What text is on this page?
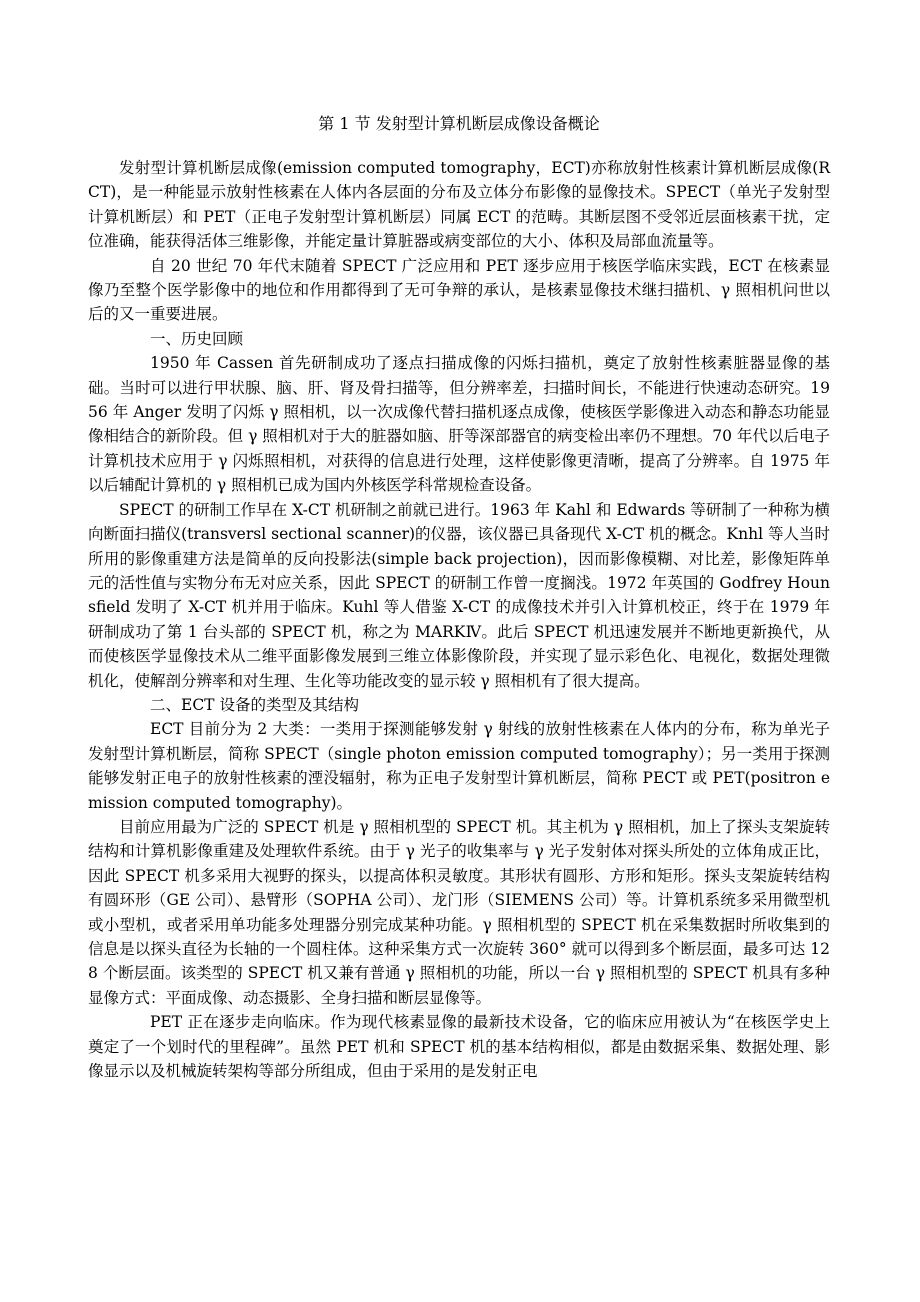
第 1 节 发射型计算机断层成像设备概论

发射型计算机断层成像(emission computed tomography，ECT)亦称放射性核素计算机断层成像(RCT)，是一种能显示放射性核素在人体内各层面的分布及立体分布影像的显像技术。SPECT（单光子发射型计算机断层）和 PET（正电子发射型计算机断层）同属 ECT 的范畴。其断层图不受邻近层面核素干扰，定位准确，能获得活体三维影像，并能定量计算脏器或病变部位的大小、体积及局部血流量等。

自 20 世纪 70 年代末随着 SPECT 广泛应用和 PET 逐步应用于核医学临床实践，ECT 在核素显像乃至整个医学影像中的地位和作用都得到了无可争辩的承认，是核素显像技术继扫描机、γ 照相机问世以后的又一重要进展。

一、历史回顾

1950 年 Cassen 首先研制成功了逐点扫描成像的闪烁扫描机，奠定了放射性核素脏器显像的基础。当时可以进行甲状腺、脑、肝、肾及骨扫描等，但分辨率差，扫描时间长，不能进行快速动态研究。1956 年 Anger 发明了闪烁 γ 照相机，以一次成像代替扫描机逐点成像，使核医学影像进入动态和静态功能显像相结合的新阶段。但 γ 照相机对于大的脏器如脑、肝等深部器官的病变检出率仍不理想。70 年代以后电子计算机技术应用于 γ 闪烁照相机，对获得的信息进行处理，这样使影像更清晰，提高了分辨率。自 1975 年以后辅配计算机的 γ 照相机已成为国内外核医学科常规检查设备。

SPECT 的研制工作早在 X-CT 机研制之前就已进行。1963 年 Kahl 和 Edwards 等研制了一种称为横向断面扫描仪(transversl sectional scanner)的仪器，该仪器已具备现代 X-CT 机的概念。Knhl 等人当时所用的影像重建方法是简单的反向投影法(simple back projection)，因而影像模糊、对比差，影像矩阵单元的活性值与实物分布无对应关系，因此 SPECT 的研制工作曾一度搁浅。1972 年英国的 Godfrey Hounsfield 发明了 X-CT 机并用于临床。Kuhl 等人借鉴 X-CT 的成像技术并引入计算机校正，终于在 1979 年研制成功了第 1 台头部的 SPECT 机，称之为 MARKⅣ。此后 SPECT 机迅速发展并不断地更新换代，从而使核医学显像技术从二维平面影像发展到三维立体影像阶段，并实现了显示彩色化、电视化，数据处理微机化，使解剖分辨率和对生理、生化等功能改变的显示较 γ 照相机有了很大提高。

二、ECT 设备的类型及其结构

ECT 目前分为 2 大类：一类用于探测能够发射 γ 射线的放射性核素在人体内的分布，称为单光子发射型计算机断层，简称 SPECT（single photon emission computed tomography）；另一类用于探测能够发射正电子的放射性核素的湮没辐射，称为正电子发射型计算机断层，简称 PECT 或 PET(positron emission computed tomography)。

目前应用最为广泛的 SPECT 机是 γ 照相机型的 SPECT 机。其主机为 γ 照相机，加上了探头支架旋转结构和计算机影像重建及处理软件系统。由于 γ 光子的收集率与 γ 光子发射体对探头所处的立体角成正比，因此 SPECT 机多采用大视野的探头，以提高体积灵敏度。其形状有圆形、方形和矩形。探头支架旋转结构有圆环形（GE 公司）、悬臂形（SOPHA 公司）、龙门形（SIEMENS 公司）等。计算机系统多采用微型机或小型机，或者采用单功能多处理器分别完成某种功能。γ 照相机型的 SPECT 机在采集数据时所收集到的信息是以探头直径为长轴的一个圆柱体。这种采集方式一次旋转 360° 就可以得到多个断层面，最多可达 128 个断层面。该类型的 SPECT 机又兼有普通 γ 照相机的功能，所以一台 γ 照相机型的 SPECT 机具有多种显像方式：平面成像、动态摄影、全身扫描和断层显像等。

PET 正在逐步走向临床。作为现代核素显像的最新技术设备，它的临床应用被认为“在核医学史上奠定了一个划时代的里程碑”。虽然 PET 机和 SPECT 机的基本结构相似，都是由数据采集、数据处理、影像显示以及机械旋转架构等部分所组成，但由于采用的是发射正电
